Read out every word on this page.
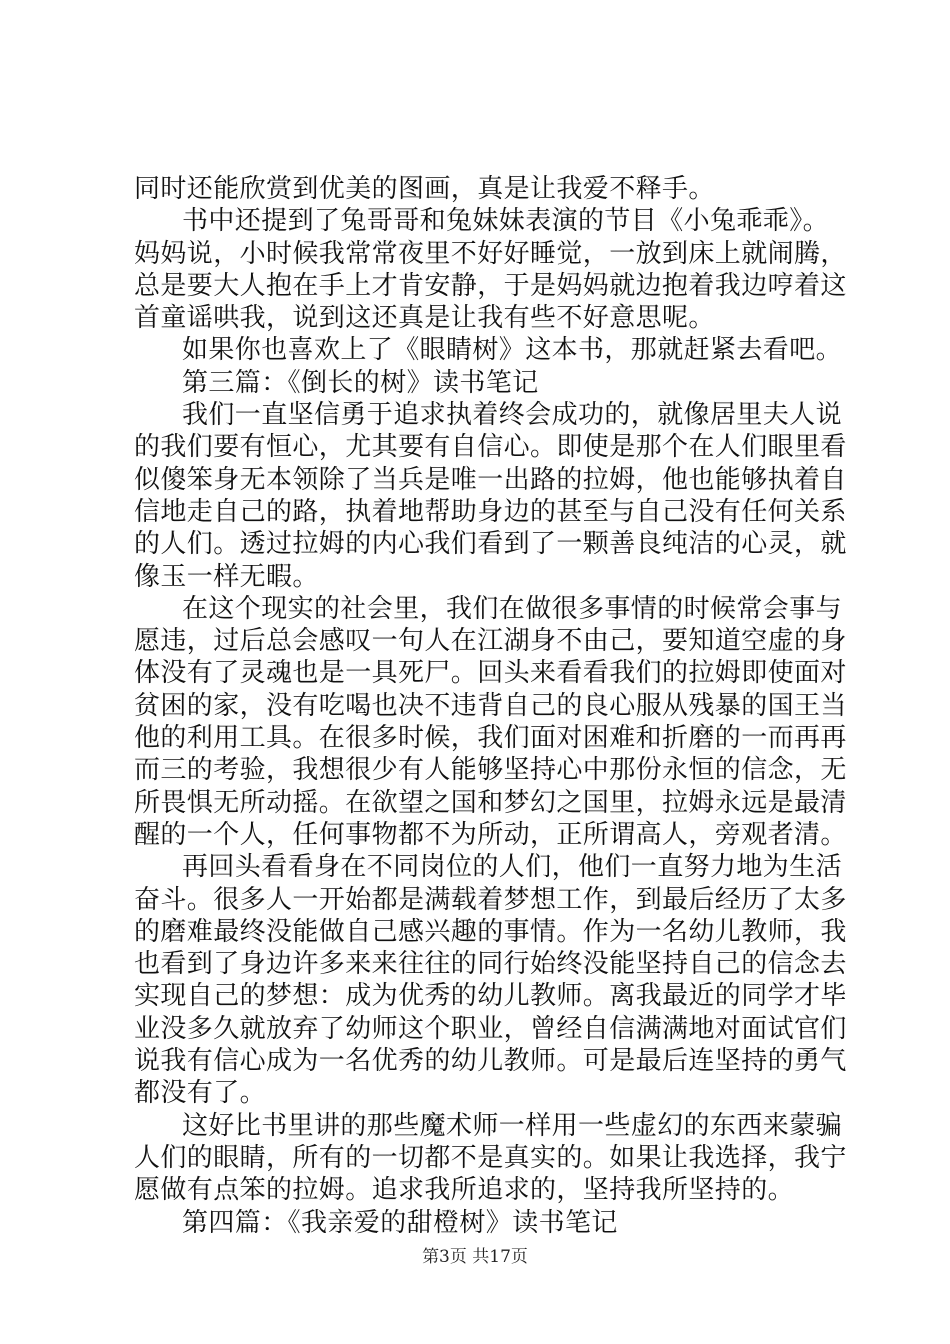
同时还能欣赏到优美的图画，真是让我爱不释手。
书中还提到了兔哥哥和兔妹妹表演的节目《小兔乖乖》。
妈妈说，小时候我常常夜里不好好睡觉，一放到床上就闹腾，
总是要大人抱在手上才肯安静，于是妈妈就边抱着我边哼着这
首童谣哄我，说到这还真是让我有些不好意思呢。
如果你也喜欢上了《眼睛树》这本书，那就赶紧去看吧。
第三篇：《倒长的树》读书笔记
我们一直坚信勇于追求执着终会成功的，就像居里夫人说
的我们要有恒心，尤其要有自信心。即使是那个在人们眼里看
似傻笨身无本领除了当兵是唯一出路的拉姆，他也能够执着自
信地走自己的路，执着地帮助身边的甚至与自己没有任何关系
的人们。透过拉姆的内心我们看到了一颗善良纯洁的心灵，就
像玉一样无暇。
在这个现实的社会里，我们在做很多事情的时候常会事与
愿违，过后总会感叹一句人在江湖身不由己，要知道空虚的身
体没有了灵魂也是一具死尸。回头来看看我们的拉姆即使面对
贫困的家，没有吃喝也决不违背自己的良心服从残暴的国王当
他的利用工具。在很多时候，我们面对困难和折磨的一而再再
而三的考验，我想很少有人能够坚持心中那份永恒的信念，无
所畏惧无所动摇。在欲望之国和梦幻之国里，拉姆永远是最清
醒的一个人，任何事物都不为所动，正所谓高人，旁观者清。
再回头看看身在不同岗位的人们，他们一直努力地为生活
奋斗。很多人一开始都是满载着梦想工作，到最后经历了太多
的磨难最终没能做自己感兴趣的事情。作为一名幼儿教师，我
也看到了身边许多来来往往的同行始终没能坚持自己的信念去
实现自己的梦想：成为优秀的幼儿教师。离我最近的同学才毕
业没多久就放弃了幼师这个职业，曾经自信满满地对面试官们
说我有信心成为一名优秀的幼儿教师。可是最后连坚持的勇气
都没有了。
这好比书里讲的那些魔术师一样用一些虚幻的东西来蒙骗
人们的眼睛，所有的一切都不是真实的。如果让我选择，我宁
愿做有点笨的拉姆。追求我所追求的，坚持我所坚持的。
第四篇：《我亲爱的甜橙树》读书笔记
第3页 共17页
